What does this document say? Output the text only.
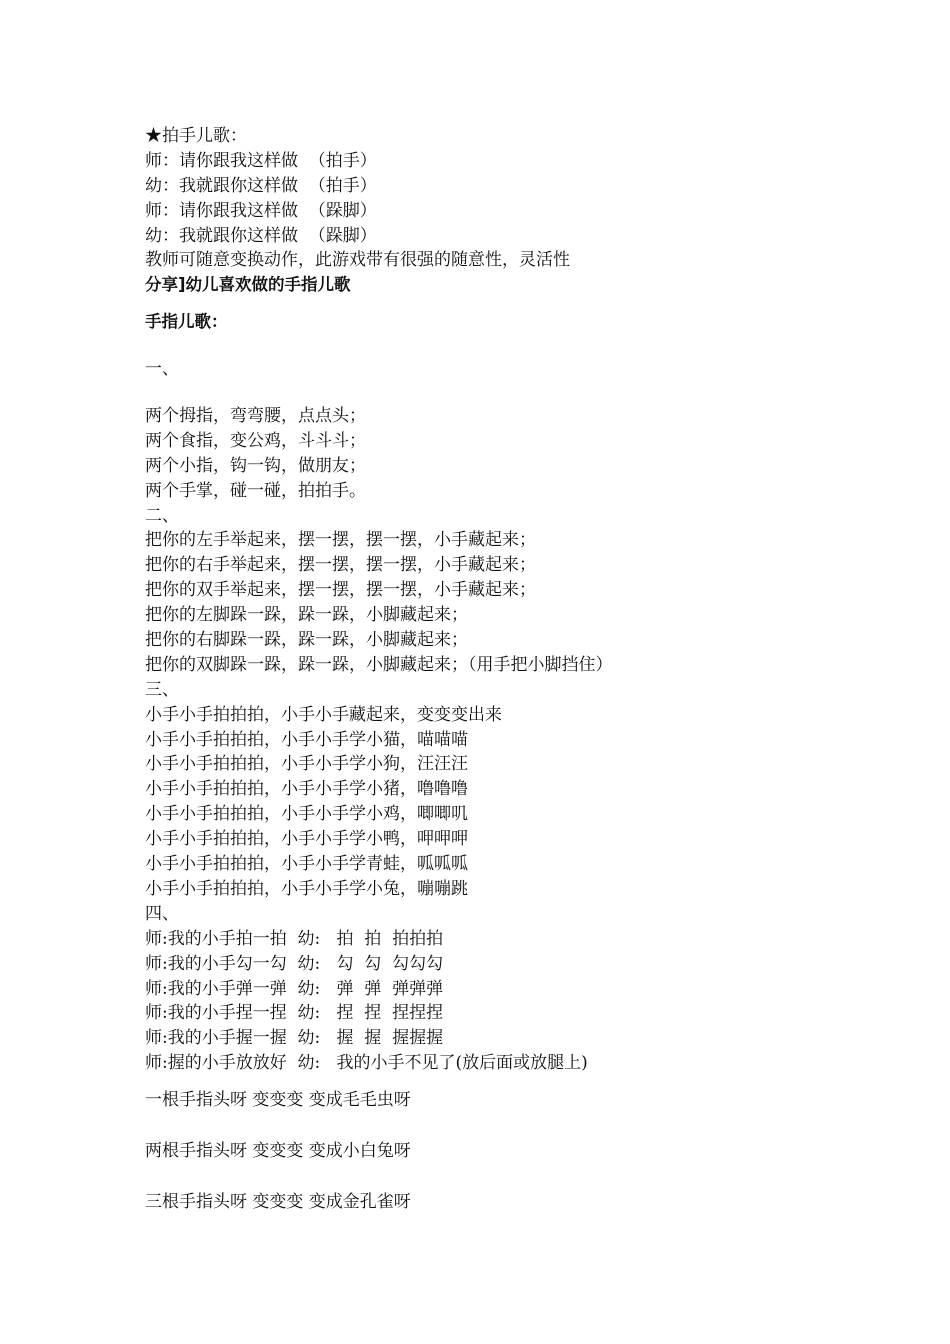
★拍手儿歌：
师：请你跟我这样做  （拍手）
幼：我就跟你这样做  （拍手）
师：请你跟我这样做  （跺脚）
幼：我就跟你这样做  （跺脚）
教师可随意变换动作，此游戏带有很强的随意性，灵活性
分享]幼儿喜欢做的手指儿歌
手指儿歌：
一、
两个拇指，弯弯腰，点点头；
两个食指，变公鸡，斗斗斗；
两个小指，钩一钩，做朋友；
两个手掌，碰一碰，拍拍手。
二、
把你的左手举起来，摆一摆，摆一摆，小手藏起来；
把你的右手举起来，摆一摆，摆一摆，小手藏起来；
把你的双手举起来，摆一摆，摆一摆，小手藏起来；
把你的左脚跺一跺，跺一跺，小脚藏起来；
把你的右脚跺一跺，跺一跺，小脚藏起来；
把你的双脚跺一跺，跺一跺，小脚藏起来；（用手把小脚挡住）
三、
小手小手拍拍拍，小手小手藏起来，变变变出来
小手小手拍拍拍，小手小手学小猫，喵喵喵
小手小手拍拍拍，小手小手学小狗，汪汪汪
小手小手拍拍拍，小手小手学小猪，噜噜噜
小手小手拍拍拍，小手小手学小鸡，唧唧叽
小手小手拍拍拍，小手小手学小鸭，呷呷呷
小手小手拍拍拍，小手小手学青蛙，呱呱呱
小手小手拍拍拍，小手小手学小兔，嘣嘣跳
四、
师:我的小手拍一拍  幼:   拍  拍  拍拍拍
师:我的小手勾一勾  幼:   勾  勾  勾勾勾
师:我的小手弹一弹  幼:   弹  弹  弹弹弹
师:我的小手捏一捏  幼:   捏  捏  捏捏捏
师:我的小手握一握  幼:   握  握  握握握
师:握的小手放放好  幼:   我的小手不见了(放后面或放腿上)
一根手指头呀 变变变 变成毛毛虫呀
两根手指头呀 变变变 变成小白兔呀
三根手指头呀 变变变 变成金孔雀呀
